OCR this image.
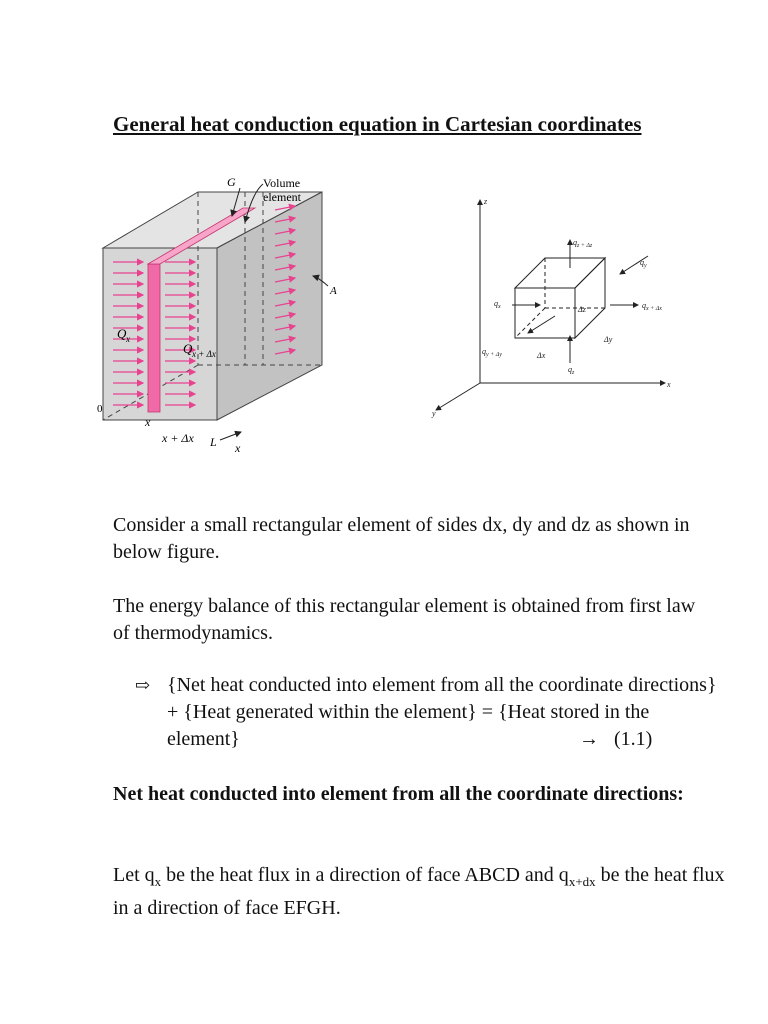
General heat conduction equation in Cartesian coordinates
G Volume
element
A
Q x
Q x + Δx
0
x
x + Δx L x
z
x
y
$q_{z + \Delta z}$
$q_y$
$q_x$	$q_{x + \Delta x}$
$q_{y + \Delta y}$
$q_z$
Δz
Δy
Δx

Consider a small rectangular element of sides dx, dy and dz as shown in below figure.

The energy balance of this rectangular element is obtained from first law of thermodynamics.

⇨ {Net heat conducted into element from all the coordinate directions} + {Heat generated within the element} = {Heat stored in the element}	→ (1.1)

Net heat conducted into element from all the coordinate directions:

Let $q_x$ be the heat flux in a direction of face ABCD and $q_{x+dx}$ be the heat flux in a direction of face EFGH.
